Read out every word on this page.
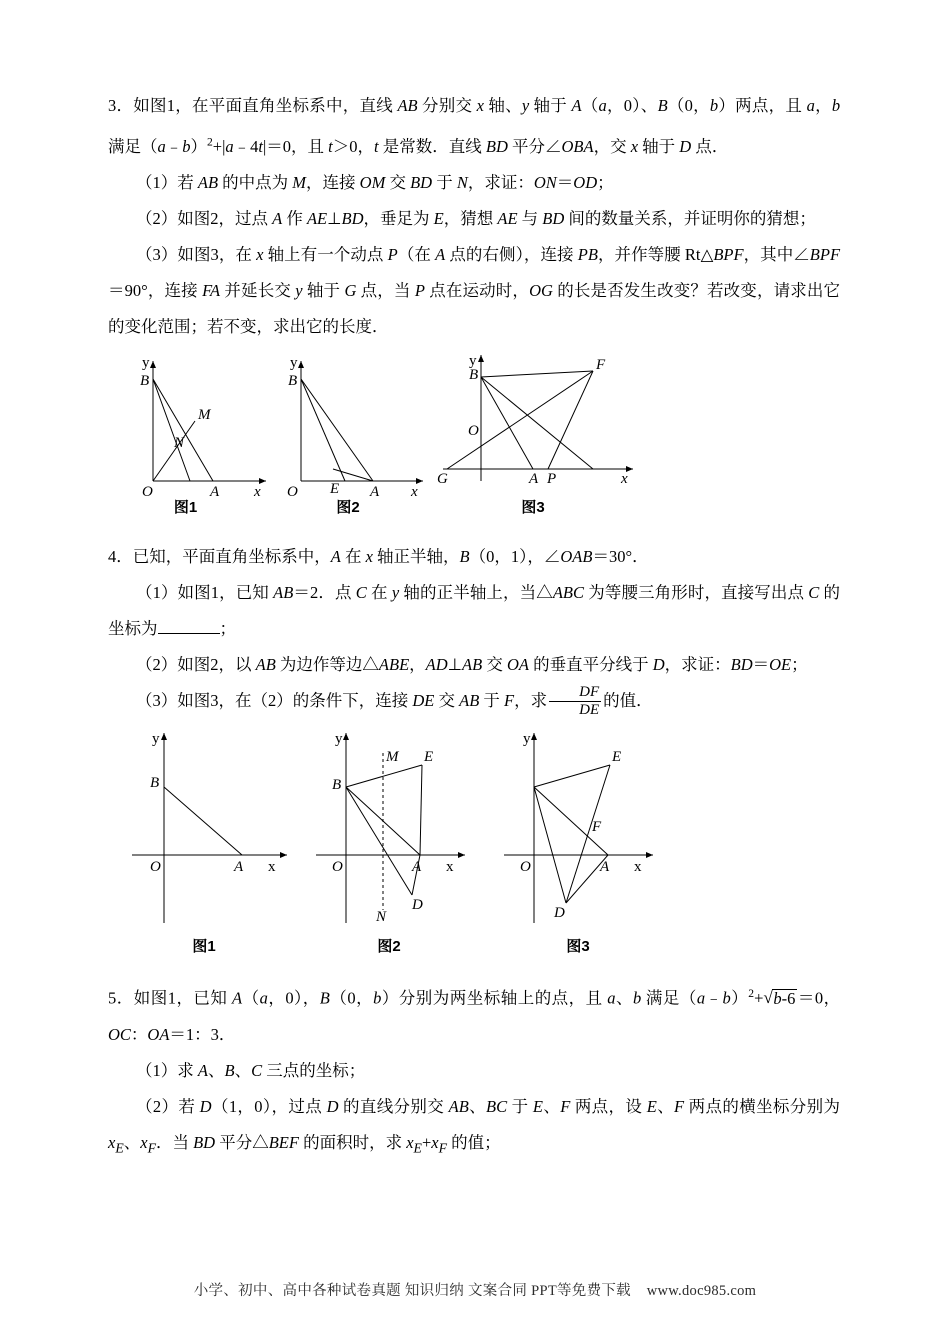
3．如图1，在平面直角坐标系中，直线 AB 分别交 x 轴、y 轴于 A（a，0）、B（0，b）两点，且 a，b 满足（a﹣b）$^2$+|a﹣4t|＝0，且 t＞0，t 是常数．直线 BD 平分∠OBA，交 x 轴于 D 点．
（1）若 AB 的中点为 M，连接 OM 交 BD 于 N，求证：ON＝OD；
（2）如图2，过点 A 作 AE⊥BD，垂足为 E，猜想 AE 与 BD 间的数量关系，并证明你的猜想；
（3）如图3，在 x 轴上有一个动点 P（在 A 点的右侧），连接 PB，并作等腰 Rt△BPF，其中∠BPF＝90°，连接 FA 并延长交 y 轴于 G 点，当 P 点在运动时，OG 的长是否发生改变？若改变，请求出它的变化范围；若不变，求出它的长度．
y
B
M
N
O	A x
图1
y
B
O E A x
图2
B
y
O
G	A P	x
F
图3
4．已知，平面直角坐标系中，A 在 x 轴正半轴，B（0，1），∠OAB＝30°．
（1）如图1，已知 AB＝2．点 C 在 y 轴的正半轴上，当△ABC 为等腰三角形时，直接写出点 C 的坐标为	；
（2）如图2，以 AB 为边作等边△ABE，AD⊥AB 交 OA 的垂直平分线于 D，求证：BD＝OE；
（3）如图3，在（2）的条件下，连接 DE 交 AB 于 F，求 $\frac{DF}{DE}$ 的值．
y
B
O	A x
图1
y
B
O	A x
M E
N
D
图2
y
O	A x
E
F
D
图3
5．如图1，已知 A（a，0），B（0，b）分别为两坐标轴上的点，且 a、b 满足（a﹣b）$^2$+ √ b-6 ＝0，OC：OA＝1：3．
（1）求 A、B、C 三点的坐标；
（2）若 D（1，0），过点 D 的直线分别交 AB、BC 于 E、F 两点，设 E、F 两点的横坐标分别为 $x_E$、$x_F$．当 BD 平分△BEF 的面积时，求 $x_E+x_F$ 的值；
小学、初中、高中各种试卷真题 知识归纳 文案合同 PPT等免费下载 www.doc985.com
